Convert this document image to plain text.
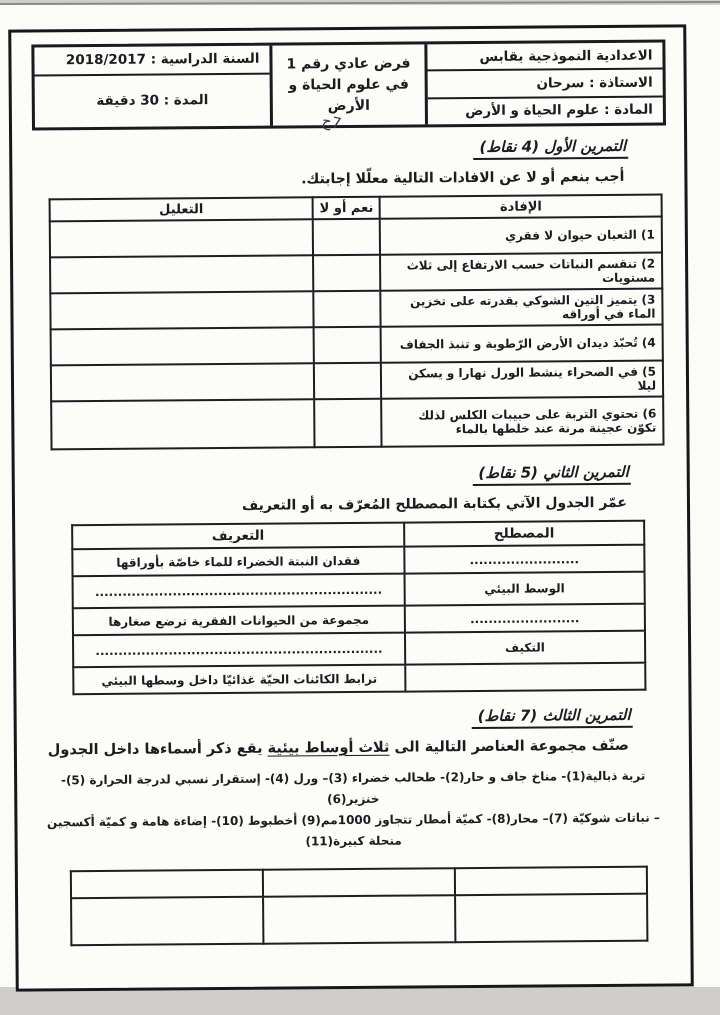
الاعدادية النموذجية بقابس
الاستاذة : سرحان
المادة : علوم الحياة و الأرض
فرض عادي رقم 1
في علوم الحياة و الأرض
7ح
السنة الدراسية : 2018/2017
المدة : 30 دقيقة
التمرين الأول (4 نقاط)
أجب بنعم أو لا عن الافادات التالية معلّلا إجابتك.
الإفادة	نعم أو لا	التعليل
1) الثعبان حيوان لا فقري		
2) تنقسم النباتات حسب الارتفاع إلى ثلاث مستويات		
3) يتميز التين الشوكي بقدرته على تخزين الماء في أوراقه		
4) تُحبّذ ديدان الأرض الرّطوبة و تنبذ الجفاف		
5) في الصحراء ينشط الورل نهارا و يسكن ليلا		
6) تحتوي التربة على حبيبات الكلس لذلك تكوّن عجينة مرنة عند خلطها بالماء		
التمرين الثاني (5 نقاط)
عمّر الجدول الآتي بكتابة المصطلح المُعرّف به أو التعريف
المصطلح	التعريف
........................	فقدان النبتة الخضراء للماء خاصّة بأوراقها
الوسط البيئي	...............................................................
........................	مجموعة من الحيوانات الفقرية ترضع صغارها
التكيف	...............................................................
	ترابط الكائنات الحيّة غذائيّا داخل وسطها البيئي
التمرين الثالث (7 نقاط)
صنّف مجموعة العناصر التالية الى ثلاث أوساط بيئية يقع ذكر أسماءها داخل الجدول
تربة ذبالية(1)- مناخ جاف و حار(2)- طحالب خضراء (3)– ورل (4)- إستقرار نسبي لدرجة الحرارة (5)- خنزير(6)
– نباتات شوكيّة (7)– محار(8)- كميّة أمطار تتجاوز 1000مم(9) أخطبوط (10)- إضاءة هامة و كميّة أكسجين
منحلة كبيرة(11)
